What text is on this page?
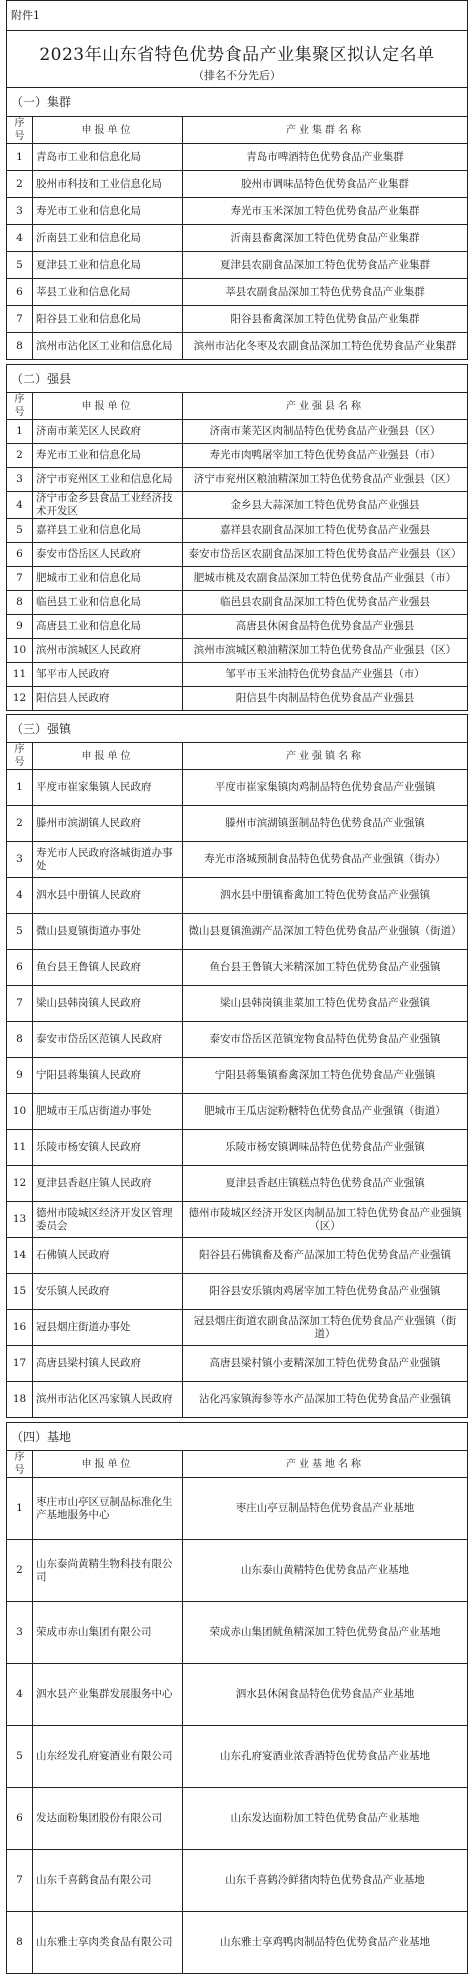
附件1
2023年山东省特色优势食品产业集聚区拟认定名单
（排名不分先后）
（一）集群
序号	申报单位	产业集群名称
1	青岛市工业和信息化局	青岛市啤酒特色优势食品产业集群
2	胶州市科技和工业信息化局	胶州市调味品特色优势食品产业集群
3	寿光市工业和信息化局	寿光市玉米深加工特色优势食品产业集群
4	沂南县工业和信息化局	沂南县畜禽深加工特色优势食品产业集群
5	夏津县工业和信息化局	夏津县农副食品深加工特色优势食品产业集群
6	莘县工业和信息化局	莘县农副食品深加工特色优势食品产业集群
7	阳谷县工业和信息化局	阳谷县畜禽深加工特色优势食品产业集群
8	滨州市沾化区工业和信息化局	滨州市沾化冬枣及农副食品深加工特色优势食品产业集群
（二）强县
序号	申报单位	产业强县名称
1	济南市莱芜区人民政府	济南市莱芜区肉制品特色优势食品产业强县（区）
2	寿光市工业和信息化局	寿光市肉鸭屠宰加工特色优势食品产业强县（市）
3	济宁市兖州区工业和信息化局	济宁市兖州区粮油精深加工特色优势食品产业强县（区）
4	济宁市金乡县食品工业经济技术开发区	金乡县大蒜深加工特色优势食品产业强县
5	嘉祥县工业和信息化局	嘉祥县农副食品深加工特色优势食品产业强县
6	泰安市岱岳区人民政府	泰安市岱岳区农副食品深加工特色优势食品产业强县（区）
7	肥城市工业和信息化局	肥城市桃及农副食品深加工特色优势食品产业强县（市）
8	临邑县工业和信息化局	临邑县农副食品深加工特色优势食品产业强县
9	高唐县工业和信息化局	高唐县休闲食品特色优势食品产业强县
10	滨州市滨城区人民政府	滨州市滨城区粮油精深加工特色优势食品产业强县（区）
11	邹平市人民政府	邹平市玉米油特色优势食品产业强县（市）
12	阳信县人民政府	阳信县牛肉制品特色优势食品产业强县
（三）强镇
序号	申报单位	产业强镇名称
1	平度市崔家集镇人民政府	平度市崔家集镇肉鸡制品特色优势食品产业强镇
2	滕州市滨湖镇人民政府	滕州市滨湖镇蛋制品特色优势食品产业强镇
3	寿光市人民政府洛城街道办事处	寿光市洛城预制食品特色优势食品产业强镇（街办）
4	泗水县中册镇人民政府	泗水县中册镇畜禽加工特色优势食品产业强镇
5	微山县夏镇街道办事处	微山县夏镇渔湖产品深加工特色优势食品产业强镇（街道）
6	鱼台县王鲁镇人民政府	鱼台县王鲁镇大米精深加工特色优势食品产业强镇
7	梁山县韩岗镇人民政府	梁山县韩岗镇韭菜加工特色优势食品产业强镇
8	泰安市岱岳区范镇人民政府	泰安市岱岳区范镇宠物食品特色优势食品产业强镇
9	宁阳县蒋集镇人民政府	宁阳县蒋集镇畜禽深加工特色优势食品产业强镇
10	肥城市王瓜店街道办事处	肥城市王瓜店淀粉糖特色优势食品产业强镇（街道）
11	乐陵市杨安镇人民政府	乐陵市杨安镇调味品特色优势食品产业强镇
12	夏津县香赵庄镇人民政府	夏津县香赵庄镇糕点特色优势食品产业强镇
13	德州市陵城区经济开发区管理委员会	德州市陵城区经济开发区肉制品加工特色优势食品产业强镇（区）
14	石佛镇人民政府	阳谷县石佛镇畜及畜产品深加工特色优势食品产业强镇
15	安乐镇人民政府	阳谷县安乐镇肉鸡屠宰加工特色优势食品产业强镇
16	冠县烟庄街道办事处	冠县烟庄街道农副食品深加工特色优势食品产业强镇（街道）
17	高唐县梁村镇人民政府	高唐县梁村镇小麦精深加工特色优势食品产业强镇
18	滨州市沾化区冯家镇人民政府	沾化冯家镇海参等水产品深加工特色优势食品产业强镇
（四）基地
序号	申报单位	产业基地名称
1	枣庄市山亭区豆制品标准化生产基地服务中心	枣庄山亭豆制品特色优势食品产业基地
2	山东泰尚黄精生物科技有限公司	山东泰山黄精特色优势食品产业基地
3	荣成市赤山集团有限公司	荣成赤山集团鱿鱼精深加工特色优势食品产业基地
4	泗水县产业集群发展服务中心	泗水县休闲食品特色优势食品产业基地
5	山东经发孔府宴酒业有限公司	山东孔府宴酒业浓香酒特色优势食品产业基地
6	发达面粉集团股份有限公司	山东发达面粉加工特色优势食品产业基地
7	山东千喜鹤食品有限公司	山东千喜鹤冷鲜猪肉特色优势食品产业基地
8	山东雅士享肉类食品有限公司	山东雅士享鸡鸭肉制品特色优势食品产业基地
